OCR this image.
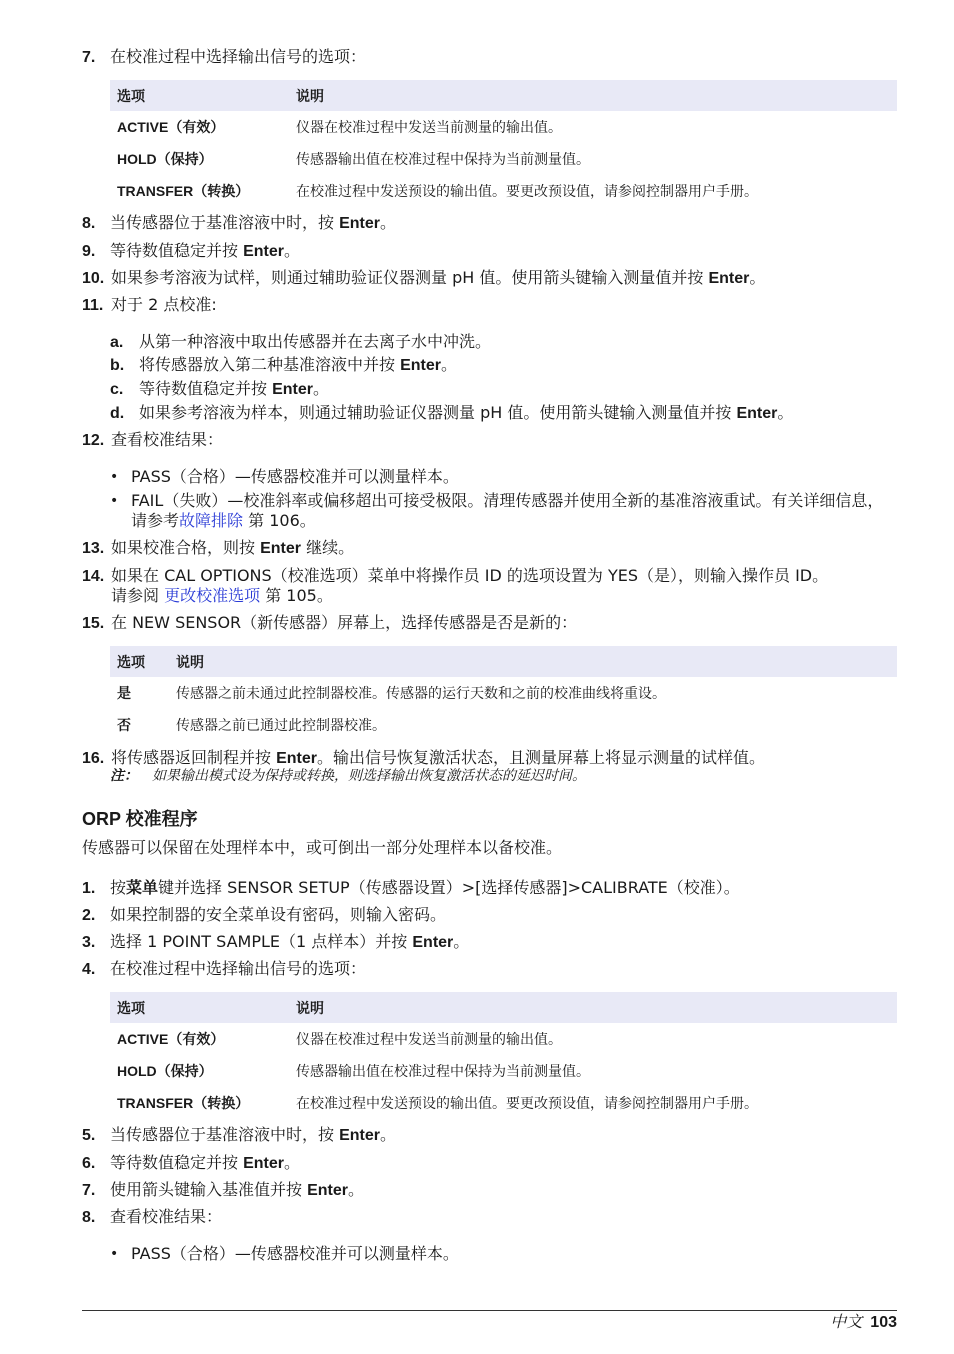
7. 在校准过程中选择输出信号的选项：
选项	说明
ACTIVE（有效）	仪器在校准过程中发送当前测量的输出值。
HOLD（保持）	传感器输出值在校准过程中保持为当前测量值。
TRANSFER（转换）	在校准过程中发送预设的输出值。要更改预设值，请参阅控制器用户手册。
8. 当传感器位于基准溶液中时，按 Enter。
9. 等待数值稳定并按 Enter。
10. 如果参考溶液为试样，则通过辅助验证仪器测量 pH 值。使用箭头键输入测量值并按 Enter。
11. 对于 2 点校准:
a. 从第一种溶液中取出传感器并在去离子水中冲洗。
b. 将传感器放入第二种基准溶液中并按 Enter。
c. 等待数值稳定并按 Enter。
d. 如果参考溶液为样本，则通过辅助验证仪器测量 pH 值。使用箭头键输入测量值并按 Enter。
12. 查看校准结果：
• PASS（合格）—传感器校准并可以测量样本。
• FAIL（失败）—校准斜率或偏移超出可接受极限。清理传感器并使用全新的基准溶液重试。有关详细信息，请参考故障排除 第 106。
13. 如果校准合格，则按 Enter 继续。
14. 如果在 CAL OPTIONS（校准选项）菜单中将操作员 ID 的选项设置为 YES（是），则输入操作员 ID。
请参阅 更改校准选项 第 105。
15. 在 NEW SENSOR（新传感器）屏幕上，选择传感器是否是新的：
选项	说明
是	传感器之前未通过此控制器校准。传感器的运行天数和之前的校准曲线将重设。
否	传感器之前已通过此控制器校准。
16. 将传感器返回制程并按 Enter。输出信号恢复激活状态，且测量屏幕上将显示测量的试样值。
注： 如果输出模式设为保持或转换，则选择输出恢复激活状态的延迟时间。
ORP 校准程序
传感器可以保留在处理样本中，或可倒出一部分处理样本以备校准。
1. 按菜单键并选择 SENSOR SETUP（传感器设置）>[选择传感器]>CALIBRATE（校准）。
2. 如果控制器的安全菜单设有密码，则输入密码。
3. 选择 1 POINT SAMPLE（1 点样本）并按 Enter。
4. 在校准过程中选择输出信号的选项：
选项	说明
ACTIVE（有效）	仪器在校准过程中发送当前测量的输出值。
HOLD（保持）	传感器输出值在校准过程中保持为当前测量值。
TRANSFER（转换）	在校准过程中发送预设的输出值。要更改预设值，请参阅控制器用户手册。
5. 当传感器位于基准溶液中时，按 Enter。
6. 等待数值稳定并按 Enter。
7. 使用箭头键输入基准值并按 Enter。
8. 查看校准结果：
• PASS（合格）—传感器校准并可以测量样本。
中文 103
